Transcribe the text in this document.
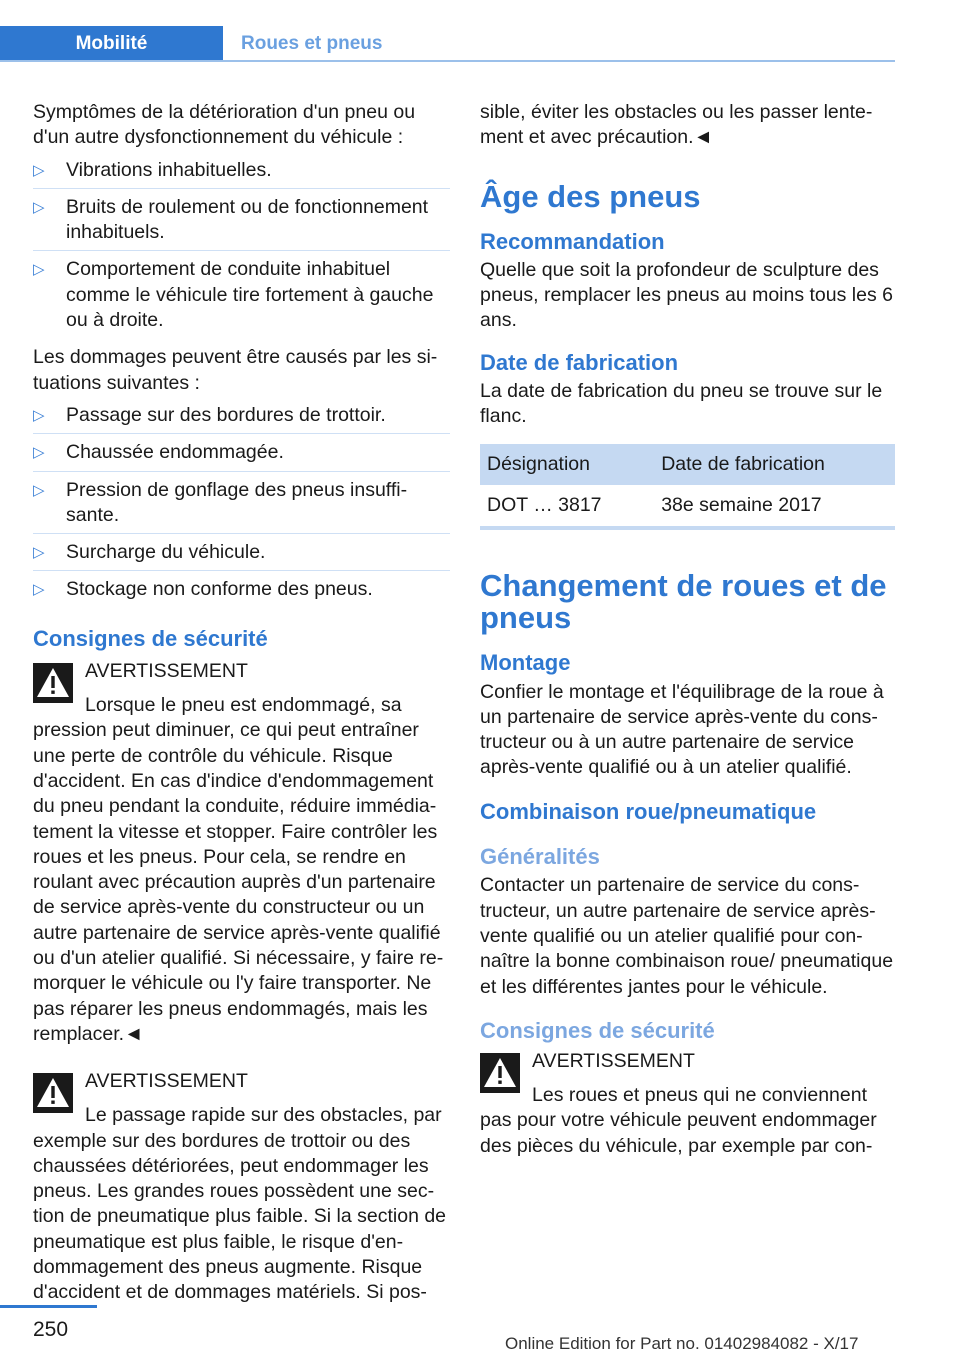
Mobilité	Roues et pneus

Symptômes de la détérioration d'un pneu ou d'un autre dysfonctionnement du véhicule :

▷ Vibrations inhabituelles.
▷ Bruits de roulement ou de fonctionnement inhabituels.
▷ Comportement de conduite inhabituel comme le véhicule tire fortement à gauche ou à droite.

Les dommages peuvent être causés par les si-tuations suivantes :

▷ Passage sur des bordures de trottoir.
▷ Chaussée endommagée.
▷ Pression de gonflage des pneus insuffi-sante.
▷ Surcharge du véhicule.
▷ Stockage non conforme des pneus.
Consignes de sécurité
AVERTISSEMENT

Lorsque le pneu est endommagé, sa pression peut diminuer, ce qui peut entraîner une perte de contrôle du véhicule. Risque d'accident. En cas d'indice d'endommagement du pneu pendant la conduite, réduire immédia-tement la vitesse et stopper. Faire contrôler les roues et les pneus. Pour cela, se rendre en roulant avec précaution auprès d'un partenaire de service après-vente du constructeur ou un autre partenaire de service après-vente qualifié ou d'un atelier qualifié. Si nécessaire, y faire re-morquer le véhicule ou l'y faire transporter. Ne pas réparer les pneus endommagés, mais les remplacer.◄

AVERTISSEMENT

Le passage rapide sur des obstacles, par exemple sur des bordures de trottoir ou des chaussées détériorées, peut endommager les pneus. Les grandes roues possèdent une sec-tion de pneumatique plus faible. Si la section de pneumatique est plus faible, le risque d'en-dommagement des pneus augmente. Risque d'accident et de dommages matériels. Si pos-

sible, éviter les obstacles ou les passer lente-ment et avec précaution.◄

Âge des pneus
Recommandation

Quelle que soit la profondeur de sculpture des pneus, remplacer les pneus au moins tous les 6 ans.

Date de fabrication

La date de fabrication du pneu se trouve sur le flanc.

Désignation	Date de fabrication
DOT … 3817	38e semaine 2017
Changement de roues et de pneus
Montage

Confier le montage et l'équilibrage de la roue à un partenaire de service après-vente du cons-tructeur ou à un autre partenaire de service après-vente qualifié ou à un atelier qualifié.

Combinaison roue/pneumatique
Généralités

Contacter un partenaire de service du cons-tructeur, un autre partenaire de service après-vente qualifié ou un atelier qualifié pour con-naître la bonne combinaison roue/ pneumatique et les différentes jantes pour le véhicule.

Consignes de sécurité
AVERTISSEMENT

Les roues et pneus qui ne conviennent pas pour votre véhicule peuvent endommager des pièces du véhicule, par exemple par con-

250
Online Edition for Part no. 01402984082 - X/17
